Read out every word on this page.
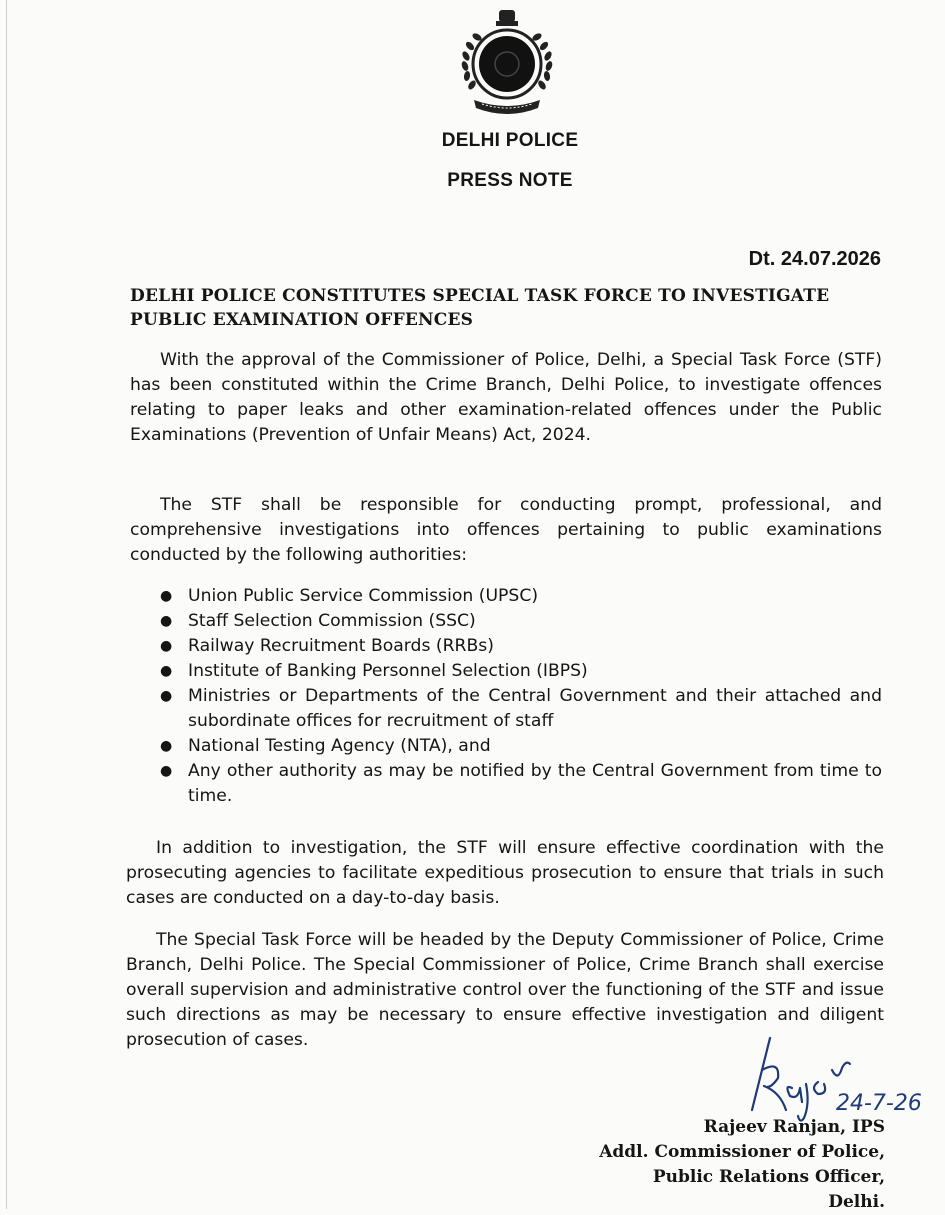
DELHI POLICE
PRESS NOTE
Dt. 24.07.2026
DELHI POLICE CONSTITUTES SPECIAL TASK FORCE TO INVESTIGATE PUBLIC EXAMINATION OFFENCES
With the approval of the Commissioner of Police, Delhi, a Special Task Force (STF) has been constituted within the Crime Branch, Delhi Police, to investigate offences relating to paper leaks and other examination-related offences under the Public Examinations (Prevention of Unfair Means) Act, 2024.
The STF shall be responsible for conducting prompt, professional, and comprehensive investigations into offences pertaining to public examinations conducted by the following authorities:
● Union Public Service Commission (UPSC)
● Staff Selection Commission (SSC)
● Railway Recruitment Boards (RRBs)
● Institute of Banking Personnel Selection (IBPS)
● Ministries or Departments of the Central Government and their attached and subordinate offices for recruitment of staff
● National Testing Agency (NTA), and
● Any other authority as may be notified by the Central Government from time to time.
In addition to investigation, the STF will ensure effective coordination with the prosecuting agencies to facilitate expeditious prosecution to ensure that trials in such cases are conducted on a day-to-day basis.
The Special Task Force will be headed by the Deputy Commissioner of Police, Crime Branch, Delhi Police. The Special Commissioner of Police, Crime Branch shall exercise overall supervision and administrative control over the functioning of the STF and issue such directions as may be necessary to ensure effective investigation and diligent prosecution of cases.
24-7-26
Rajeev Ranjan, IPS
Addl. Commissioner of Police,
Public Relations Officer,
Delhi.
